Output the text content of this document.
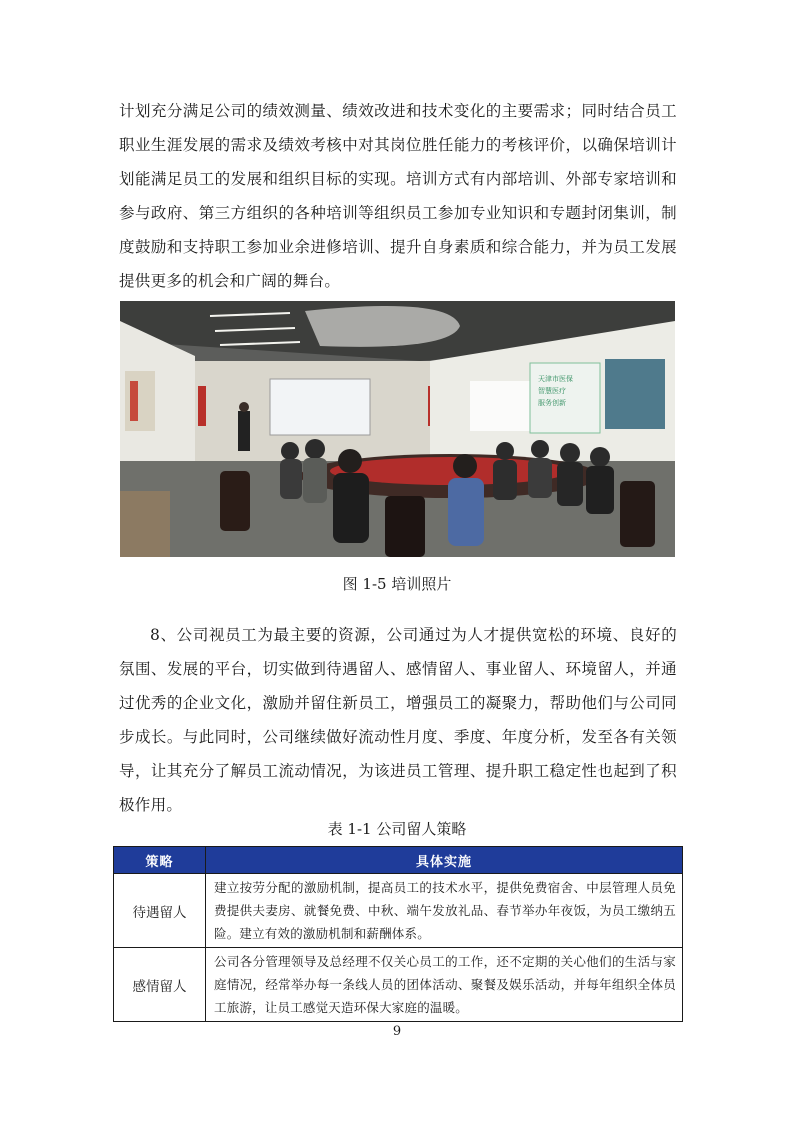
计划充分满足公司的绩效测量、绩效改进和技术变化的主要需求；同时结合员工职业生涯发展的需求及绩效考核中对其岗位胜任能力的考核评价，以确保培训计划能满足员工的发展和组织目标的实现。培训方式有内部培训、外部专家培训和参与政府、第三方组织的各种培训等组织员工参加专业知识和专题封闭集训，制度鼓励和支持职工参加业余进修培训、提升自身素质和综合能力，并为员工发展提供更多的机会和广阔的舞台。

天津市医保
智慧医疗
服务创新
图 1-5 培训照片

8、公司视员工为最主要的资源，公司通过为人才提供宽松的环境、良好的氛围、发展的平台，切实做到待遇留人、感情留人、事业留人、环境留人，并通过优秀的企业文化，激励并留住新员工，增强员工的凝聚力，帮助他们与公司同步成长。与此同时，公司继续做好流动性月度、季度、年度分析，发至各有关领导，让其充分了解员工流动情况，为该进员工管理、提升职工稳定性也起到了积极作用。

表 1-1 公司留人策略
策略	具体实施
待遇留人	建立按劳分配的激励机制，提高员工的技术水平，提供免费宿舍、中层管理人员免费提供夫妻房、就餐免费、中秋、端午发放礼品、春节举办年夜饭，为员工缴纳五险。建立有效的激励机制和薪酬体系。
感情留人	公司各分管理领导及总经理不仅关心员工的工作，还不定期的关心他们的生活与家庭情况，经常举办每一条线人员的团体活动、聚餐及娱乐活动，并每年组织全体员工旅游，让员工感觉天造环保大家庭的温暖。
9
